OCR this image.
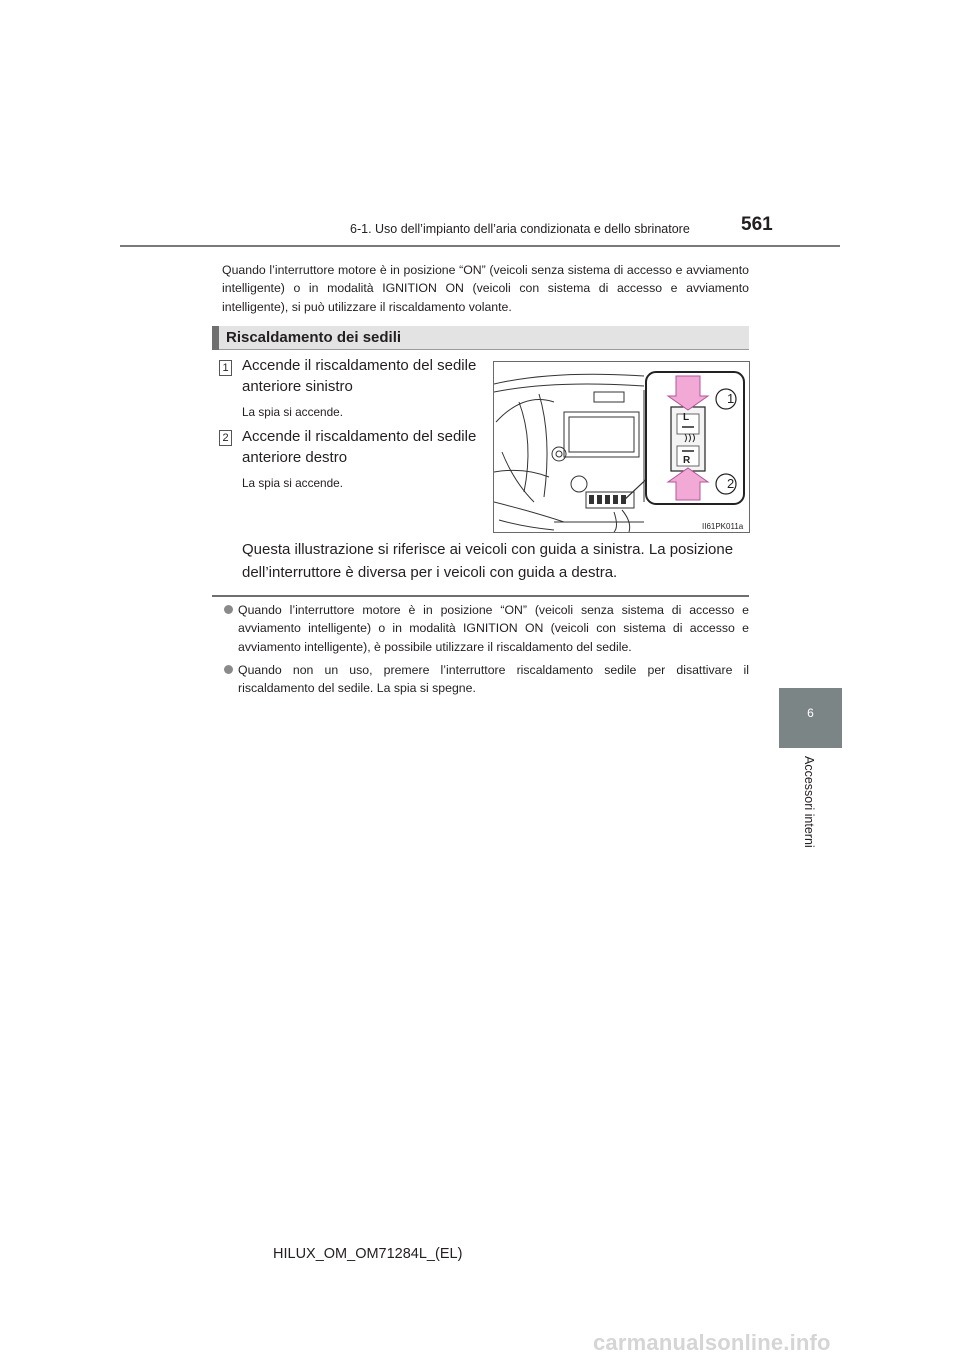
6-1. Uso dell’impianto dell’aria condizionata e dello sbrinatore	561
Quando l’interruttore motore è in posizione “ON” (veicoli senza sistema di accesso e avviamento intelligente) o in modalità IGNITION ON (veicoli con sistema di accesso e avviamento intelligente), si può utilizzare il riscaldamento volante.
Riscaldamento dei sedili
1 Accende il riscaldamento del sedile
anteriore sinistro
La spia si accende.
2 Accende il riscaldamento del sedile
anteriore destro
La spia si accende.
L
R
1
2
II61PK011a
Questa illustrazione si riferisce ai veicoli con guida a sinistra. La posizione dell’interruttore è diversa per i veicoli con guida a destra.
Quando l’interruttore motore è in posizione “ON” (veicoli senza sistema di accesso e avviamento intelligente) o in modalità IGNITION ON (veicoli con sistema di accesso e avviamento intelligente), è possibile utilizzare il riscaldamento del sedile.
Quando non un uso, premere l’interruttore riscaldamento sedile per disattivare il riscaldamento del sedile. La spia si spegne.
6
Accessori interni
HILUX_OM_OM71284L_(EL)
carmanualsonline.info
